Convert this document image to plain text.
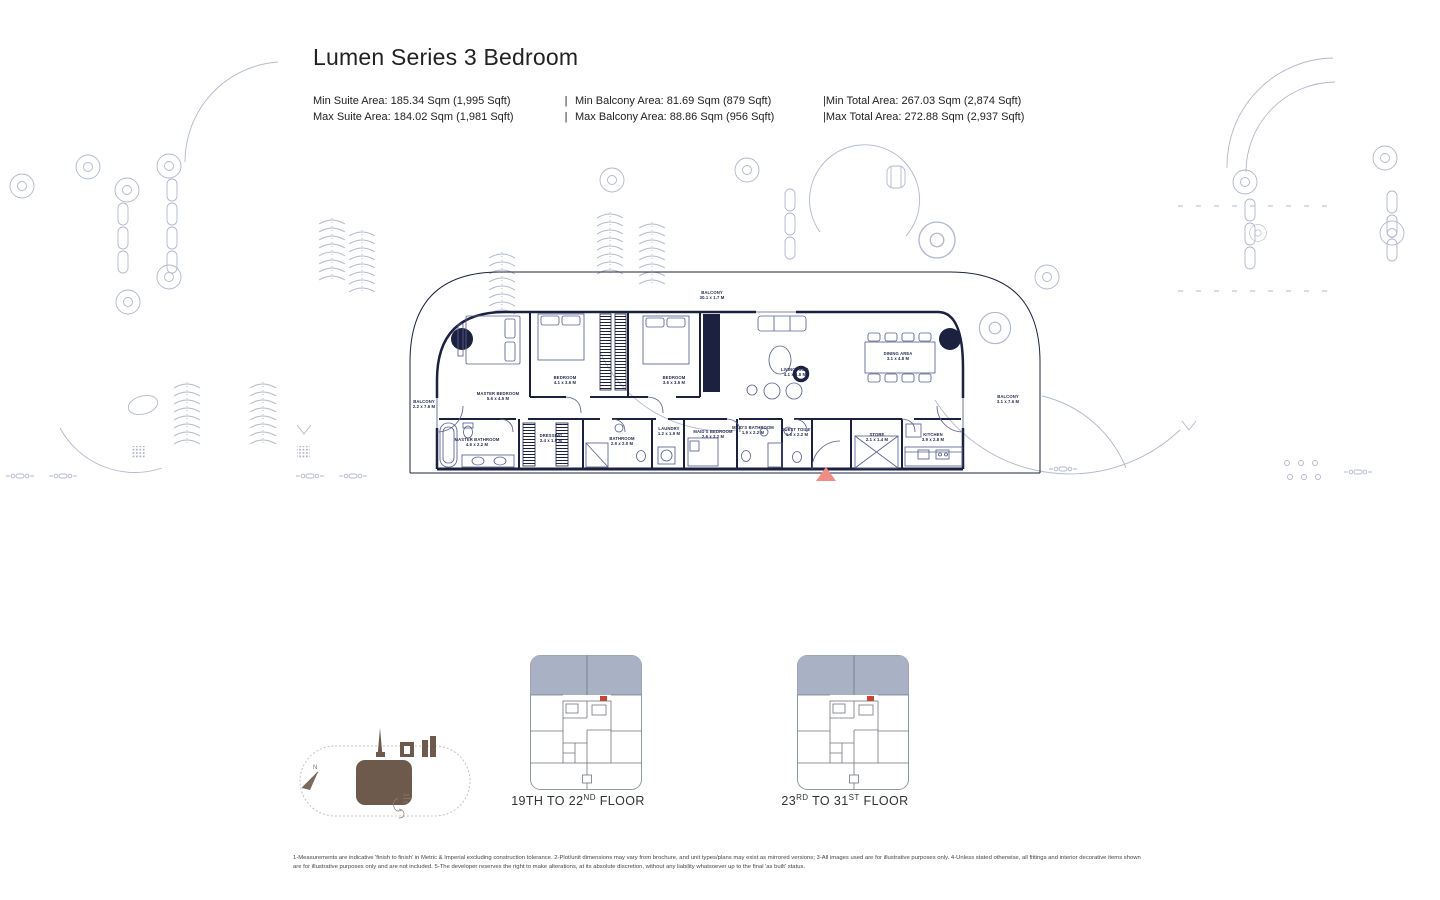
Lumen Series 3 Bedroom
Min Suite Area: 185.34 Sqm (1,995 Sqft)	| Min Balcony Area: 81.69 Sqm (879 Sqft)	|Min Total Area: 267.03 Sqm (2,874 Sqft)
Max Suite Area: 184.02 Sqm (1,981 Sqft)	| Max Balcony Area: 88.86 Sqm (956 Sqft)	|Max Total Area: 272.88 Sqm (2,937 Sqft)
BALCONY 30.1 x 1.7 M
BALCONY 2.2 x 7.6 M
BALCONY 3.1 x 7.6 M
MASTER BEDROOM 5.6 x 4.5 M
BEDROOM 4.1 x 3.6 M
BEDROOM 3.6 x 3.5 M
LIVING AREA 4.1 x 4.8 M
DINING AREA 3.1 x 4.8 M
MASTER BATHROOM 4.6 x 2.2 M
DRESSING 2.4 x 1.9 M	BATHROOM 2.9 x 2.0 M
LAUNDRY 1.2 x 1.9 M	MAID'S BEDROOM 2.6 x 3.2 M
MAID'S BATHROOM 1.9 x 2.2 M
GUEST TOILET 1.6 x 2.2 M	STORE 2.1 x 1.4 M
KITCHEN 3.9 x 2.8 M
N
19TH TO 22ND FLOOR	23RD TO 31ST FLOOR
1-Measurements are indicative 'finish to finish' in Metric & Imperial excluding construction tolerance. 2-Plot/unit dimensions may vary from brochure, and unit types/plans may exist as mirrored versions; 3-All images used are for illustrative purposes only. 4-Unless stated otherwise, all fittings and interior decorative items shown are for illustrative purposes only and are not included. 5-The developer reserves the right to make alterations, at its absolute discretion, without any liability whatsoever up to the final 'as built' status.
